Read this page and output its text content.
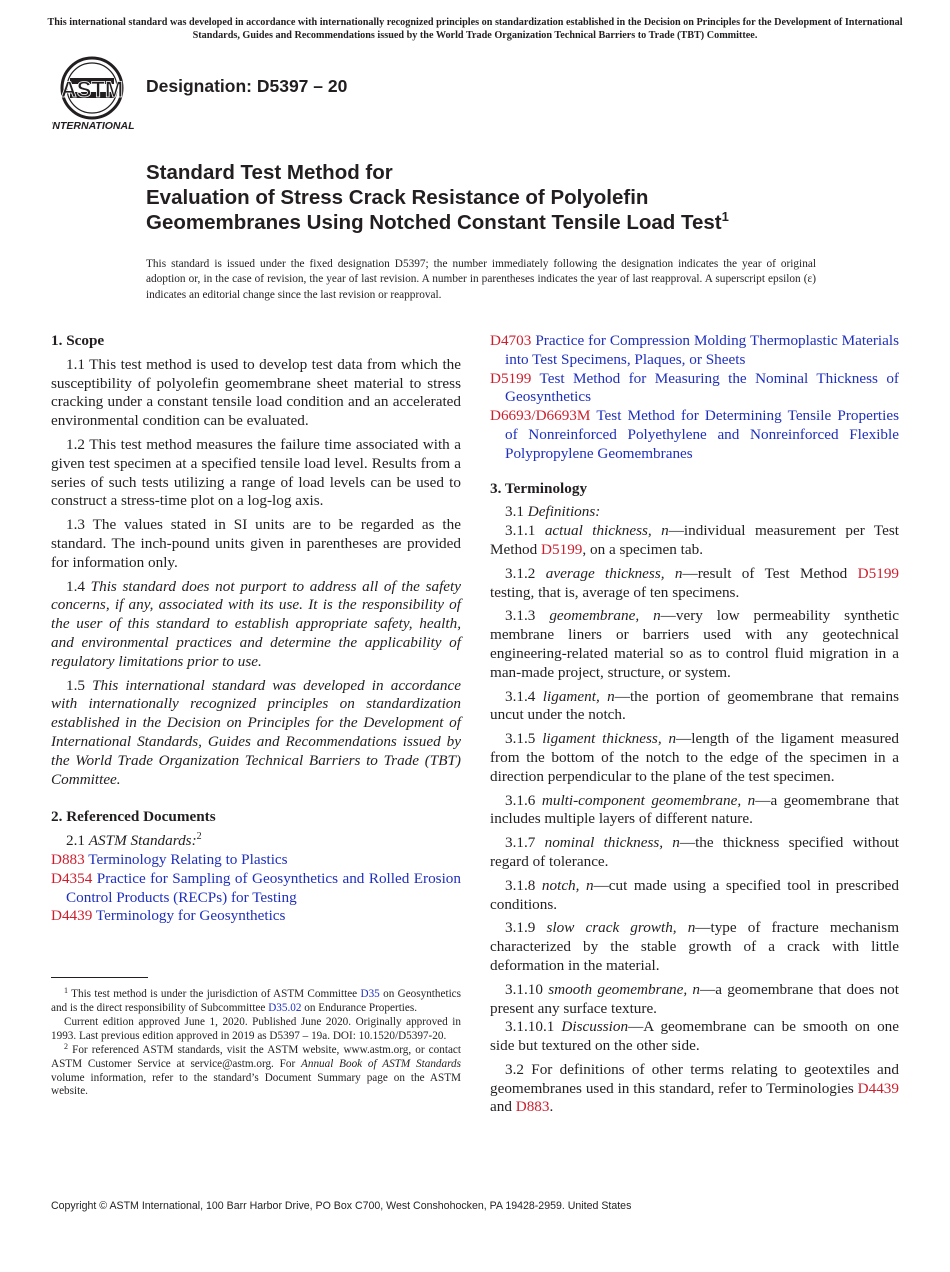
This international standard was developed in accordance with internationally recognized principles on standardization established in the Decision on Principles for the Development of International Standards, Guides and Recommendations issued by the World Trade Organization Technical Barriers to Trade (TBT) Committee.
ASTM
INTERNATIONAL
Designation: D5397 – 20
Standard Test Method for
Evaluation of Stress Crack Resistance of Polyolefin
Geomembranes Using Notched Constant Tensile Load Test$^1$
This standard is issued under the fixed designation D5397; the number immediately following the designation indicates the year of original adoption or, in the case of revision, the year of last revision. A number in parentheses indicates the year of last reapproval. A superscript epsilon (ε) indicates an editorial change since the last revision or reapproval.
1. Scope
1.1 This test method is used to develop test data from which the susceptibility of polyolefin geomembrane sheet material to stress cracking under a constant tensile load condition and an accelerated environmental condition can be evaluated.
1.2 This test method measures the failure time associated with a given test specimen at a specified tensile load level. Results from a series of such tests utilizing a range of load levels can be used to construct a stress-time plot on a log-log axis.
1.3 The values stated in SI units are to be regarded as the standard. The inch-pound units given in parentheses are provided for information only.
1.4 This standard does not purport to address all of the safety concerns, if any, associated with its use. It is the responsibility of the user of this standard to establish appropriate safety, health, and environmental practices and determine the applicability of regulatory limitations prior to use.
1.5 This international standard was developed in accordance with internationally recognized principles on standardization established in the Decision on Principles for the Development of International Standards, Guides and Recommendations issued by the World Trade Organization Technical Barriers to Trade (TBT) Committee.
2. Referenced Documents
2.1 ASTM Standards:$^2$
D883 Terminology Relating to Plastics
D4354 Practice for Sampling of Geosynthetics and Rolled Erosion Control Products (RECPs) for Testing
D4439 Terminology for Geosynthetics
D4703 Practice for Compression Molding Thermoplastic Materials into Test Specimens, Plaques, or Sheets
D5199 Test Method for Measuring the Nominal Thickness of Geosynthetics
D6693/D6693M Test Method for Determining Tensile Properties of Nonreinforced Polyethylene and Nonreinforced Flexible Polypropylene Geomembranes
3. Terminology
3.1 Definitions:
3.1.1 actual thickness, n—individual measurement per Test Method D5199, on a specimen tab.
3.1.2 average thickness, n—result of Test Method D5199 testing, that is, average of ten specimens.
3.1.3 geomembrane, n—very low permeability synthetic membrane liners or barriers used with any geotechnical engineering-related material so as to control fluid migration in a man-made project, structure, or system.
3.1.4 ligament, n—the portion of geomembrane that remains uncut under the notch.
3.1.5 ligament thickness, n—length of the ligament measured from the bottom of the notch to the edge of the specimen in a direction perpendicular to the plane of the test specimen.
3.1.6 multi-component geomembrane, n—a geomembrane that includes multiple layers of different nature.
3.1.7 nominal thickness, n—the thickness specified without regard of tolerance.
3.1.8 notch, n—cut made using a specified tool in prescribed conditions.
3.1.9 slow crack growth, n—type of fracture mechanism characterized by the stable growth of a crack with little deformation in the material.
3.1.10 smooth geomembrane, n—a geomembrane that does not present any surface texture.
3.1.10.1 Discussion—A geomembrane can be smooth on one side but textured on the other side.
3.2 For definitions of other terms relating to geotextiles and geomembranes used in this standard, refer to Terminologies D4439 and D883.
$^1$ This test method is under the jurisdiction of ASTM Committee D35 on Geosynthetics and is the direct responsibility of Subcommittee D35.02 on Endurance Properties.
Current edition approved June 1, 2020. Published June 2020. Originally approved in 1993. Last previous edition approved in 2019 as D5397 – 19a. DOI: 10.1520/D5397-20.
$^2$ For referenced ASTM standards, visit the ASTM website, www.astm.org, or contact ASTM Customer Service at service@astm.org. For Annual Book of ASTM Standards volume information, refer to the standard’s Document Summary page on the ASTM website.
Copyright © ASTM International, 100 Barr Harbor Drive, PO Box C700, West Conshohocken, PA 19428-2959. United States
